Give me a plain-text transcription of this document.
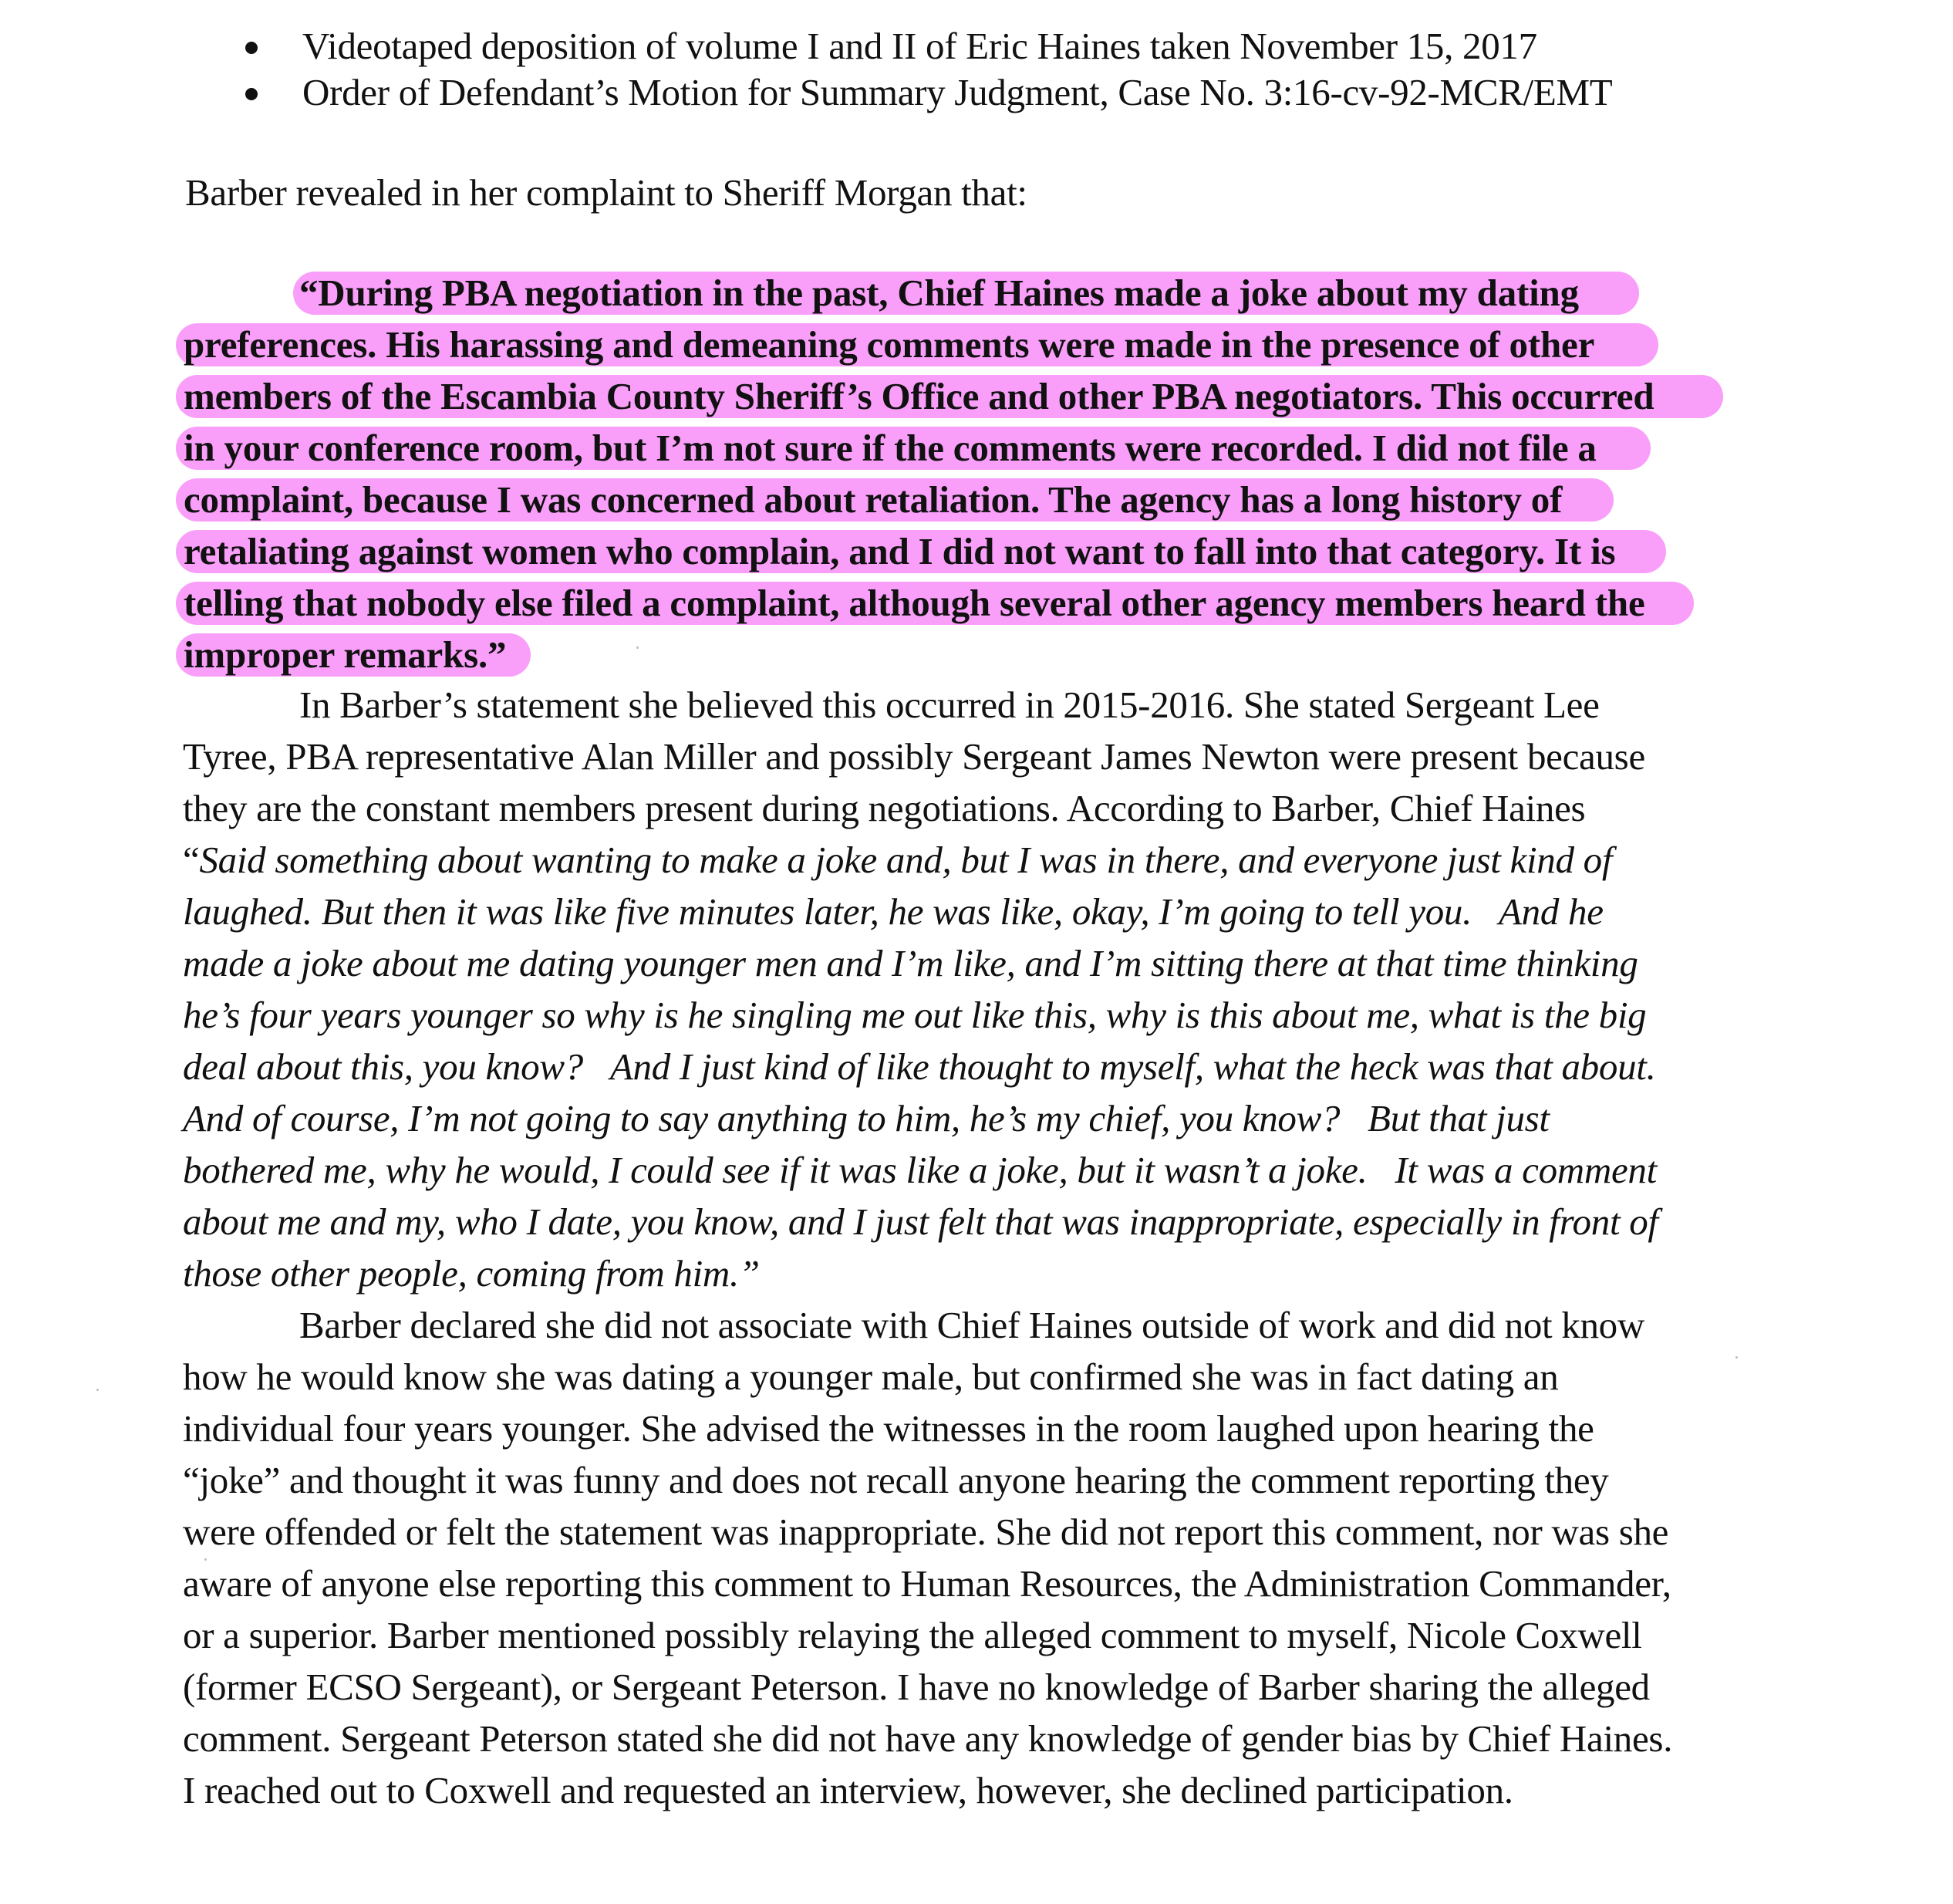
Videotaped deposition of volume I and II of Eric Haines taken November 15, 2017
Order of Defendant’s Motion for Summary Judgment, Case No. 3:16-cv-92-MCR/EMT
Barber revealed in her complaint to Sheriff Morgan that:
“During PBA negotiation in the past, Chief Haines made a joke about my dating
preferences. His harassing and demeaning comments were made in the presence of other
members of the Escambia County Sheriff’s Office and other PBA negotiators. This occurred
in your conference room, but I’m not sure if the comments were recorded. I did not file a
complaint, because I was concerned about retaliation. The agency has a long history of
retaliating against women who complain, and I did not want to fall into that category. It is
telling that nobody else filed a complaint, although several other agency members heard the
improper remarks.”
In Barber’s statement she believed this occurred in 2015-2016. She stated Sergeant Lee
Tyree, PBA representative Alan Miller and possibly Sergeant James Newton were present because
they are the constant members present during negotiations. According to Barber, Chief Haines
“Said something about wanting to make a joke and, but I was in there, and everyone just kind of
laughed. But then it was like five minutes later, he was like, okay, I’m going to tell you.   And he
made a joke about me dating younger men and I’m like, and I’m sitting there at that time thinking
he’s four years younger so why is he singling me out like this, why is this about me, what is the big
deal about this, you know?   And I just kind of like thought to myself, what the heck was that about.
And of course, I’m not going to say anything to him, he’s my chief, you know?   But that just
bothered me, why he would, I could see if it was like a joke, but it wasn’t a joke.   It was a comment
about me and my, who I date, you know, and I just felt that was inappropriate, especially in front of
those other people, coming from him.”
Barber declared she did not associate with Chief Haines outside of work and did not know
how he would know she was dating a younger male, but confirmed she was in fact dating an
individual four years younger. She advised the witnesses in the room laughed upon hearing the
“joke” and thought it was funny and does not recall anyone hearing the comment reporting they
were offended or felt the statement was inappropriate. She did not report this comment, nor was she
aware of anyone else reporting this comment to Human Resources, the Administration Commander,
or a superior. Barber mentioned possibly relaying the alleged comment to myself, Nicole Coxwell
(former ECSO Sergeant), or Sergeant Peterson. I have no knowledge of Barber sharing the alleged
comment. Sergeant Peterson stated she did not have any knowledge of gender bias by Chief Haines.
I reached out to Coxwell and requested an interview, however, she declined participation.
